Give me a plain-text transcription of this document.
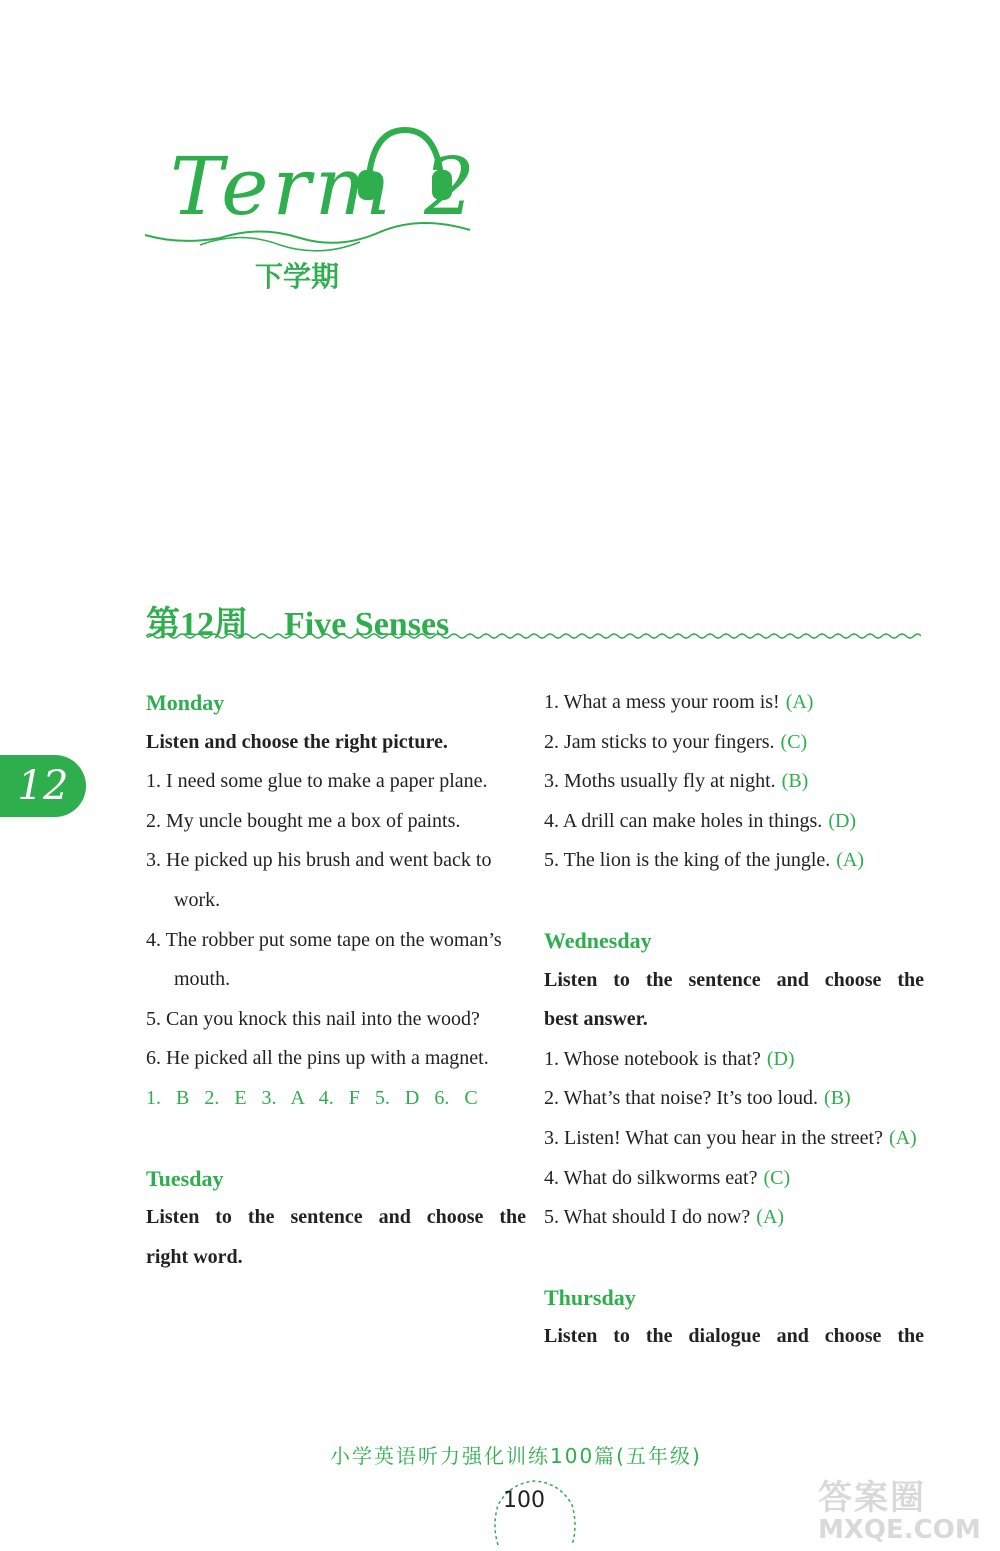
Term 2
下学期
第12周 Five Senses
12
Monday
Listen and choose the right picture.
1. I need some glue to make a paper plane.
2. My uncle bought me a box of paints.
3. He picked up his brush and went back to work.
4. The robber put some tape on the woman’s mouth.
5. Can you knock this nail into the wood?
6. He picked all the pins up with a magnet.
1. B 2. E 3. A 4. F 5. D 6. C
Tuesday
Listen to the sentence and choose the
right word.
1. What a mess your room is! (A)
2. Jam sticks to your fingers. (C)
3. Moths usually fly at night. (B)
4. A drill can make holes in things. (D)
5. The lion is the king of the jungle. (A)
Wednesday
Listen to the sentence and choose the
best answer.
1. Whose notebook is that? (D)
2. What’s that noise? It’s too loud. (B)
3. Listen! What can you hear in the street? (A)
4. What do silkworms eat? (C)
5. What should I do now? (A)
Thursday
Listen to the dialogue and choose the
小学英语听力强化训练100篇(五年级)
100	答案圈
MXQE.COM
